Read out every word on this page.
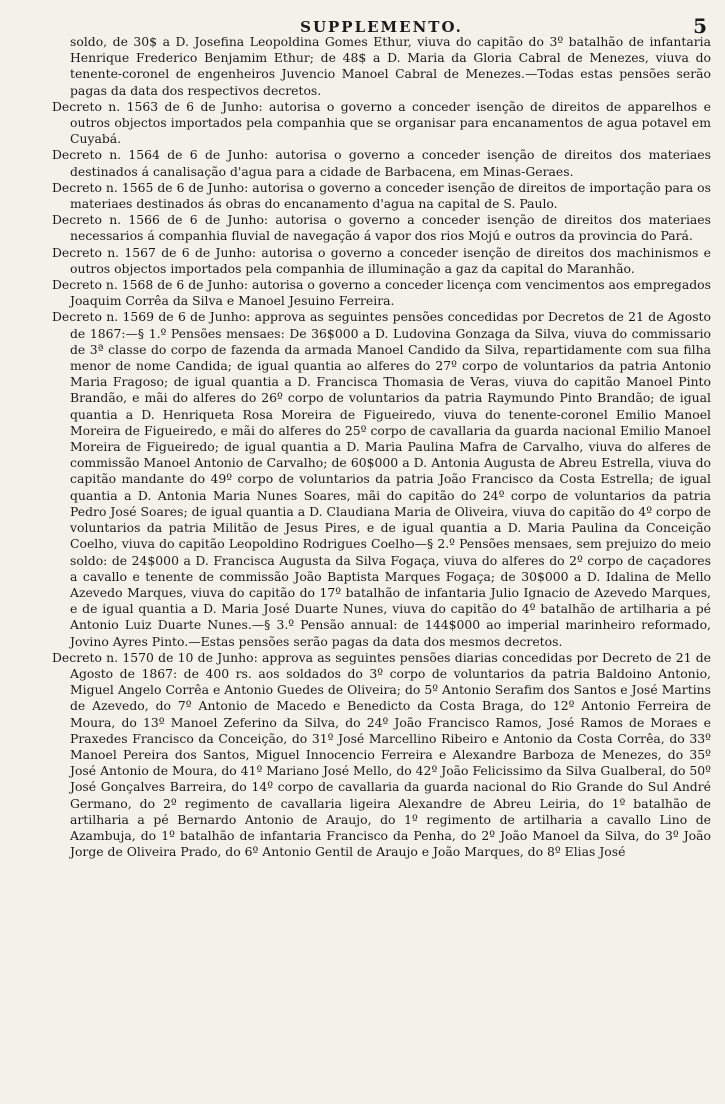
SUPPLEMENTO.	5

soldo, de 30$ a D. Josefina Leopoldina Gomes Ethur, viuva do capitão do 3º batalhão de infantaria Henrique Frederico Benjamim Ethur; de 48$ a D. Maria da Gloria Cabral de Menezes, viuva do tenente-coronel de engenheiros Juvencio Manoel Cabral de Menezes.—Todas estas pensões serão pagas da data dos respectivos decretos.

Decreto n. 1563 de 6 de Junho: autorisa o governo a conceder isenção de direitos de apparelhos e outros objectos importados pela companhia que se organisar para encanamentos de agua potavel em Cuyabá.

Decreto n. 1564 de 6 de Junho: autorisa o governo a conceder isenção de direitos dos materiaes destinados á canalisação d'agua para a cidade de Barbacena, em Minas-Geraes.

Decreto n. 1565 de 6 de Junho: autorisa o governo a conceder isenção de direitos de importação para os materiaes destinados ás obras do encanamento d'agua na capital de S. Paulo.

Decreto n. 1566 de 6 de Junho: autorisa o governo a conceder isenção de direitos dos materiaes necessarios á companhia fluvial de navegação á vapor dos rios Mojú e outros da provincia do Pará.

Decreto n. 1567 de 6 de Junho: autorisa o governo a conceder isenção de direitos dos machinismos e outros objectos importados pela companhia de illuminação a gaz da capital do Maranhão.

Decreto n. 1568 de 6 de Junho: autorisa o governo a conceder licença com vencimentos aos empregados Joaquim Corrêa da Silva e Manoel Jesuino Ferreira.

Decreto n. 1569 de 6 de Junho: approva as seguintes pensões concedidas por Decretos de 21 de Agosto de 1867:—§ 1.º Pensões mensaes: De 36$000 a D. Ludovina Gonzaga da Silva, viuva do commissario de 3ª classe do corpo de fazenda da armada Manoel Candido da Silva, repartidamente com sua filha menor de nome Candida; de igual quantia ao alferes do 27º corpo de voluntarios da patria Antonio Maria Fragoso; de igual quantia a D. Francisca Thomasia de Veras, viuva do capitão Manoel Pinto Brandão, e mãi do alferes do 26º corpo de voluntarios da patria Raymundo Pinto Brandão; de igual quantia a D. Henriqueta Rosa Moreira de Figueiredo, viuva do tenente-coronel Emilio Manoel Moreira de Figueiredo, e mãi do alferes do 25º corpo de cavallaria da guarda nacional Emilio Manoel Moreira de Figueiredo; de igual quantia a D. Maria Paulina Mafra de Carvalho, viuva do alferes de commissão Manoel Antonio de Carvalho; de 60$000 a D. Antonia Augusta de Abreu Estrella, viuva do capitão mandante do 49º corpo de voluntarios da patria João Francisco da Costa Estrella; de igual quantia a D. Antonia Maria Nunes Soares, mãi do capitão do 24º corpo de voluntarios da patria Pedro José Soares; de igual quantia a D. Claudiana Maria de Oliveira, viuva do capitão do 4º corpo de voluntarios da patria Militão de Jesus Pires, e de igual quantia a D. Maria Paulina da Conceição Coelho, viuva do capitão Leopoldino Rodrigues Coelho—§ 2.º Pensões mensaes, sem prejuizo do meio soldo: de 24$000 a D. Francisca Augusta da Silva Fogaça, viuva do alferes do 2º corpo de caçadores a cavallo e tenente de commissão João Baptista Marques Fogaça; de 30$000 a D. Idalina de Mello Azevedo Marques, viuva do capitão do 17º batalhão de infantaria Julio Ignacio de Azevedo Marques, e de igual quantia a D. Maria José Duarte Nunes, viuva do capitão do 4º batalhão de artilharia a pé Antonio Luiz Duarte Nunes.—§ 3.º Pensão annual: de 144$000 ao imperial marinheiro reformado, Jovino Ayres Pinto.—Estas pensões serão pagas da data dos mesmos decretos.

Decreto n. 1570 de 10 de Junho: approva as seguintes pensões diarias concedidas por Decreto de 21 de Agosto de 1867: de 400 rs. aos soldados do 3º corpo de voluntarios da patria Baldoino Antonio, Miguel Angelo Corrêa e Antonio Guedes de Oliveira; do 5º Antonio Serafim dos Santos e José Martins de Azevedo, do 7º Antonio de Macedo e Benedicto da Costa Braga, do 12º Antonio Ferreira de Moura, do 13º Manoel Zeferino da Silva, do 24º João Francisco Ramos, José Ramos de Moraes e Praxedes Francisco da Conceição, do 31º José Marcellino Ribeiro e Antonio da Costa Corrêa, do 33º Manoel Pereira dos Santos, Miguel Innocencio Ferreira e Alexandre Barboza de Menezes, do 35º José Antonio de Moura, do 41º Mariano José Mello, do 42º João Felicissimo da Silva Gualberal, do 50º José Gonçalves Barreira, do 14º corpo de cavallaria da guarda nacional do Rio Grande do Sul André Germano, do 2º regimento de cavallaria ligeira Alexandre de Abreu Leiria, do 1º batalhão de artilharia a pé Bernardo Antonio de Araujo, do 1º regimento de artilharia a cavallo Lino de Azambuja, do 1º batalhão de infantaria Francisco da Penha, do 2º João Manoel da Silva, do 3º João Jorge de Oliveira Prado, do 6º Antonio Gentil de Araujo e João Marques, do 8º Elias José
